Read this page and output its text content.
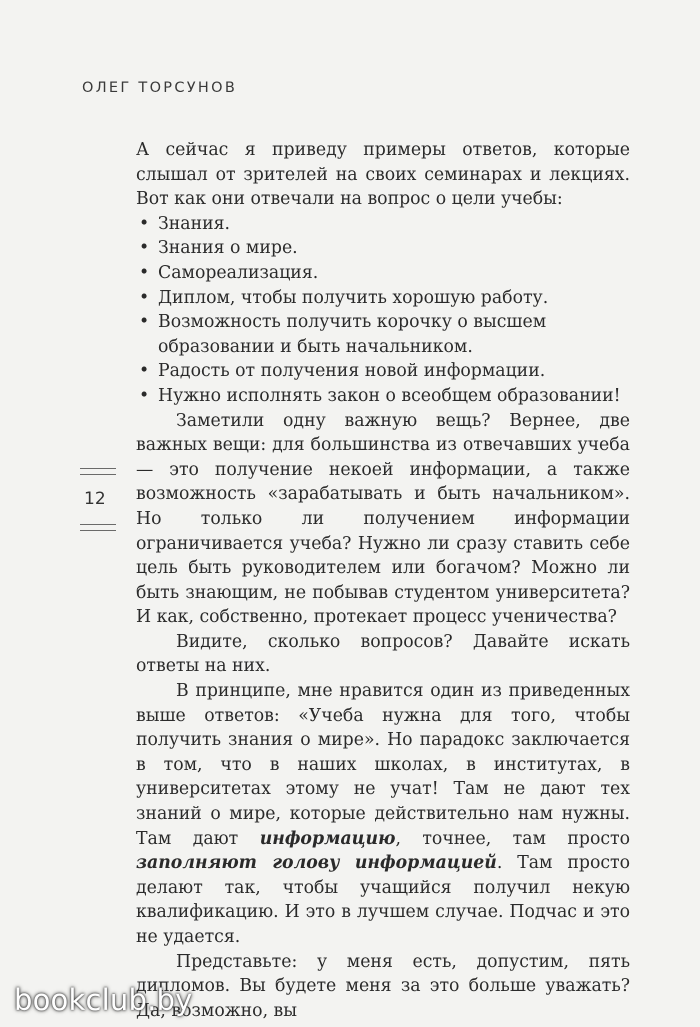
ОЛЕГ ТОРСУНОВ
12

А сейчас я приведу примеры ответов, которые слышал от зрителей на своих семинарах и лекциях. Вот как они отвечали на вопрос о цели учебы:

• Знания.
• Знания о мире.
• Самореализация.
• Диплом, чтобы получить хорошую работу.
• Возможность получить корочку о высшем образовании и быть начальником.
• Радость от получения новой информации.
• Нужно исполнять закон о всеобщем образовании!

Заметили одну важную вещь? Вернее, две важных вещи: для большинства из отвечавших учеба — это получение некоей информации, а также возможность «зарабатывать и быть начальником». Но только ли получением информации ограничивается учеба? Нужно ли сразу ставить себе цель быть руководителем или богачом? Можно ли быть знающим, не побывав студентом университета? И как, собственно, протекает процесс ученичества?

Видите, сколько вопросов? Давайте искать ответы на них.

В принципе, мне нравится один из приведенных выше ответов: «Учеба нужна для того, чтобы получить знания о мире». Но парадокс заключается в том, что в наших школах, в институтах, в университетах этому не учат! Там не дают тех знаний о мире, которые действительно нам нужны. Там дают информацию, точнее, там просто заполняют голову информацией. Там просто делают так, чтобы учащийся получил некую квалификацию. И это в лучшем случае. Подчас и это не удается.

Представьте: у меня есть, допустим, пять дипломов. Вы будете меня за это больше уважать? Да, возможно, вы

bookclub.by
